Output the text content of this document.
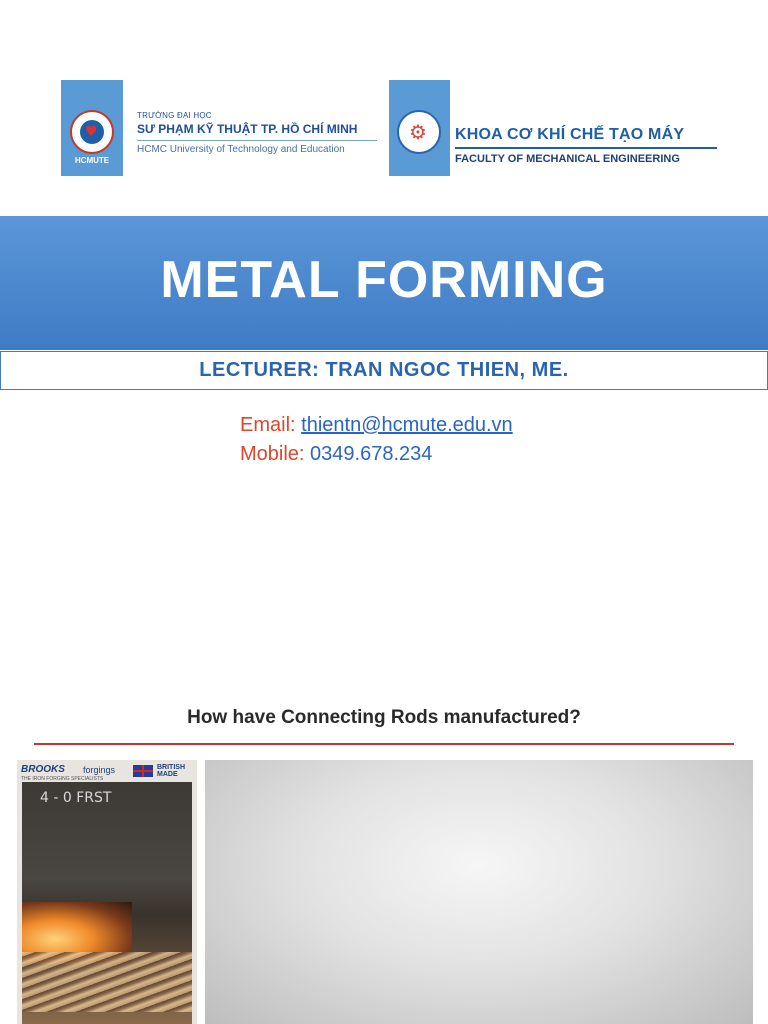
♥
HCMUTE
TRƯỜNG ĐẠI HỌC
SƯ PHẠM KỸ THUẬT TP. HỒ CHÍ MINH
HCMC University of Technology and Education
⚙ KHOA CƠ KHÍ CHẾ TẠO MÁY
FACULTY OF MECHANICAL ENGINEERING
METAL FORMING
LECTURER: TRAN NGOC THIEN, ME.
Email: thientn@hcmute.edu.vn
Mobile: 0349.678.234
How have Connecting Rods manufactured?
BROOKS forgings	BRITISH MADE
THE IRON FORGING SPECIALISTS
4 - 0 FRST
